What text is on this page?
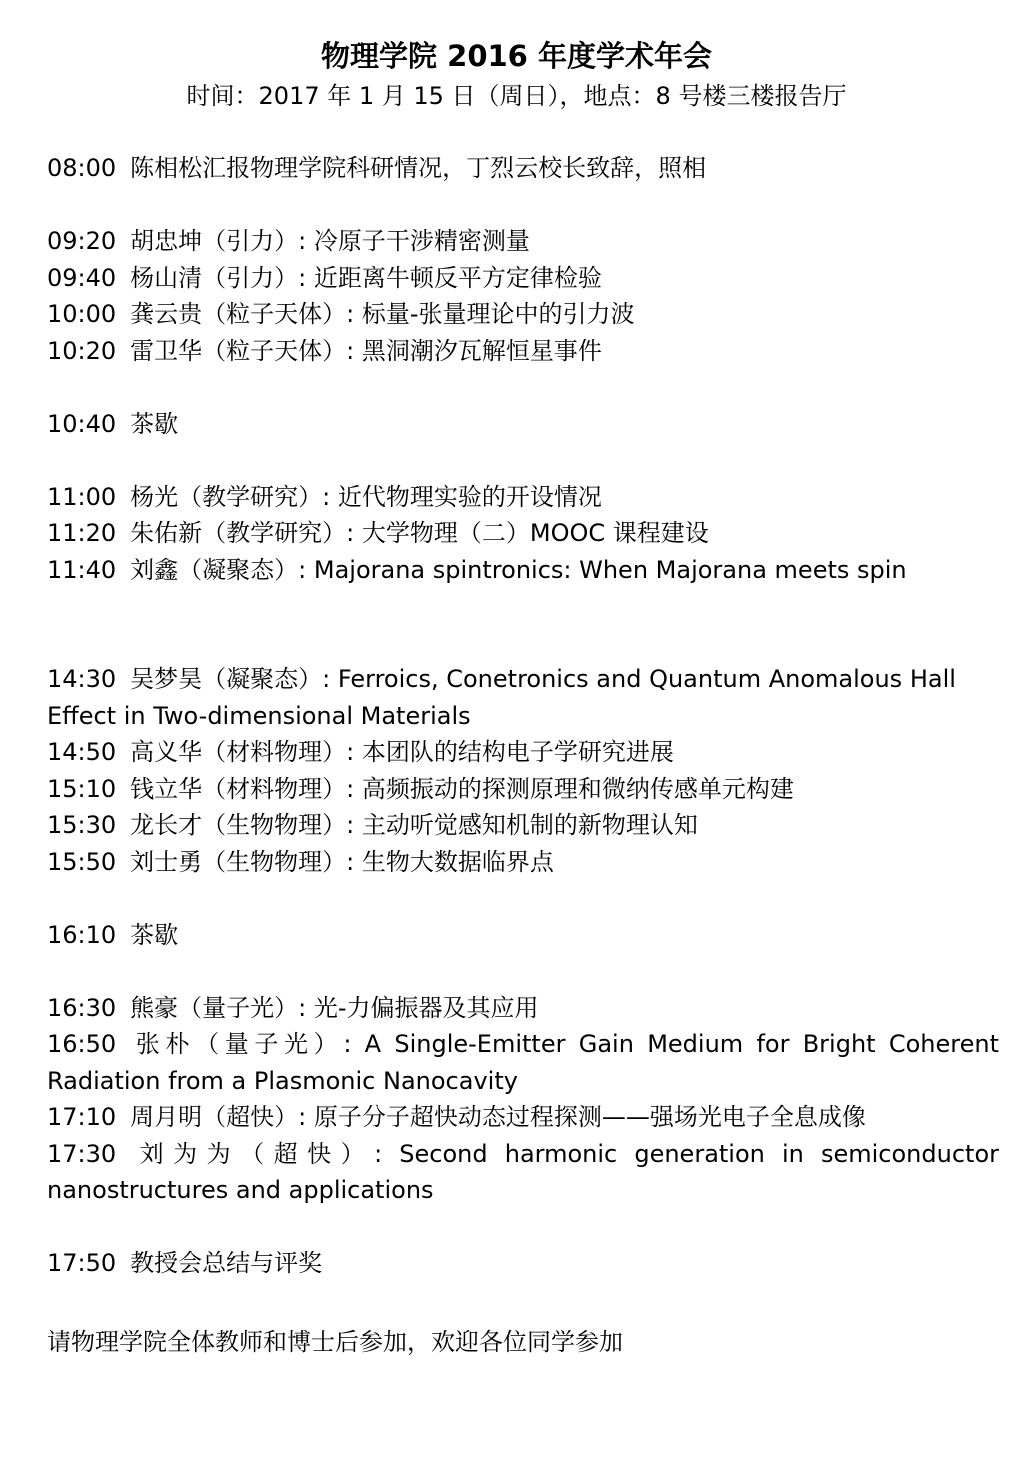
物理学院 2016 年度学术年会
时间：2017 年 1 月 15 日（周日），地点：8 号楼三楼报告厅
08:00 陈相松汇报物理学院科研情况，丁烈云校长致辞，照相
09:20 胡忠坤（引力）: 冷原子干涉精密测量
09:40 杨山清（引力）: 近距离牛顿反平方定律检验
10:00 龚云贵（粒子天体）: 标量-张量理论中的引力波
10:20 雷卫华（粒子天体）: 黑洞潮汐瓦解恒星事件
10:40 茶歇
11:00 杨光（教学研究）: 近代物理实验的开设情况
11:20 朱佑新（教学研究）: 大学物理（二）MOOC 课程建设
11:40 刘鑫（凝聚态）: Majorana spintronics: When Majorana meets spin
14:30 吴梦昊（凝聚态）: Ferroics, Conetronics and Quantum Anomalous Hall Effect in Two-dimensional Materials
14:50 高义华（材料物理）: 本团队的结构电子学研究进展
15:10 钱立华（材料物理）: 高频振动的探测原理和微纳传感单元构建
15:30 龙长才（生物物理）: 主动听觉感知机制的新物理认知
15:50 刘士勇（生物物理）: 生物大数据临界点
16:10 茶歇
16:30 熊豪（量子光）: 光-力偏振器及其应用
16:50 张朴（量子光）: A Single-Emitter Gain Medium for Bright Coherent Radiation from a Plasmonic Nanocavity
17:10 周月明（超快）: 原子分子超快动态过程探测——强场光电子全息成像
17:30 刘为为（超快）: Second harmonic generation in semiconductor nanostructures and applications
17:50 教授会总结与评奖
请物理学院全体教师和博士后参加，欢迎各位同学参加
